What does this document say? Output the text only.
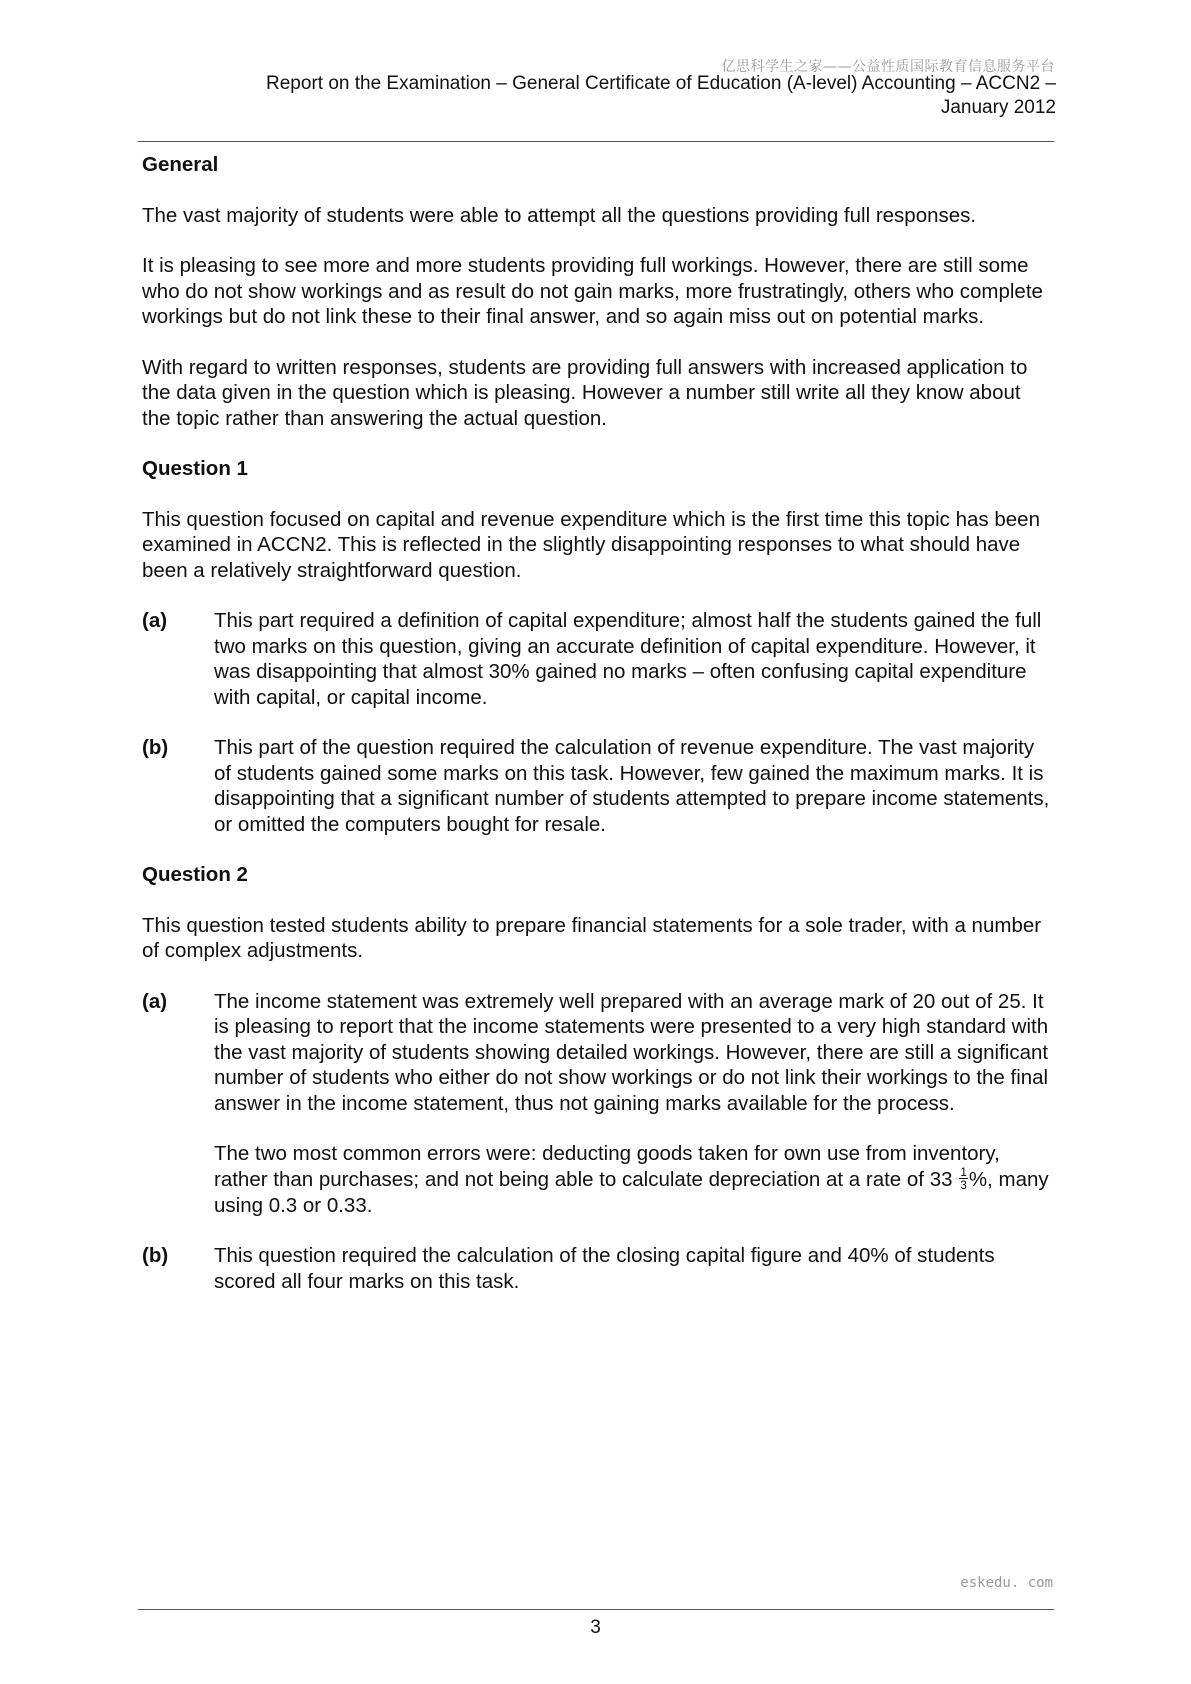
亿思科学生之家——公益性质国际教育信息服务平台
Report on the Examination – General Certificate of Education (A-level) Accounting – ACCN2 –
January 2012
General
The vast majority of students were able to attempt all the questions providing full responses.
It is pleasing to see more and more students providing full workings. However, there are still some who do not show workings and as result do not gain marks, more frustratingly, others who complete workings but do not link these to their final answer, and so again miss out on potential marks.
With regard to written responses, students are providing full answers with increased application to the data given in the question which is pleasing. However a number still write all they know about the topic rather than answering the actual question.
Question 1
This question focused on capital and revenue expenditure which is the first time this topic has been examined in ACCN2. This is reflected in the slightly disappointing responses to what should have been a relatively straightforward question.
(a)	This part required a definition of capital expenditure; almost half the students gained the full two marks on this question, giving an accurate definition of capital expenditure. However, it was disappointing that almost 30% gained no marks – often confusing capital expenditure with capital, or capital income.
(b)	This part of the question required the calculation of revenue expenditure. The vast majority of students gained some marks on this task. However, few gained the maximum marks. It is disappointing that a significant number of students attempted to prepare income statements, or omitted the computers bought for resale.
Question 2
This question tested students ability to prepare financial statements for a sole trader, with a number of complex adjustments.
(a)	The income statement was extremely well prepared with an average mark of 20 out of 25. It is pleasing to report that the income statements were presented to a very high standard with the vast majority of students showing detailed workings. However, there are still a significant number of students who either do not show workings or do not link their workings to the final answer in the income statement, thus not gaining marks available for the process.
The two most common errors were: deducting goods taken for own use from inventory, rather than purchases; and not being able to calculate depreciation at a rate of $33 \frac{1}{3}$ %, many using 0.3 or 0.33.
(b)	This question required the calculation of the closing capital figure and 40% of students scored all four marks on this task.
eskedu. com
3
